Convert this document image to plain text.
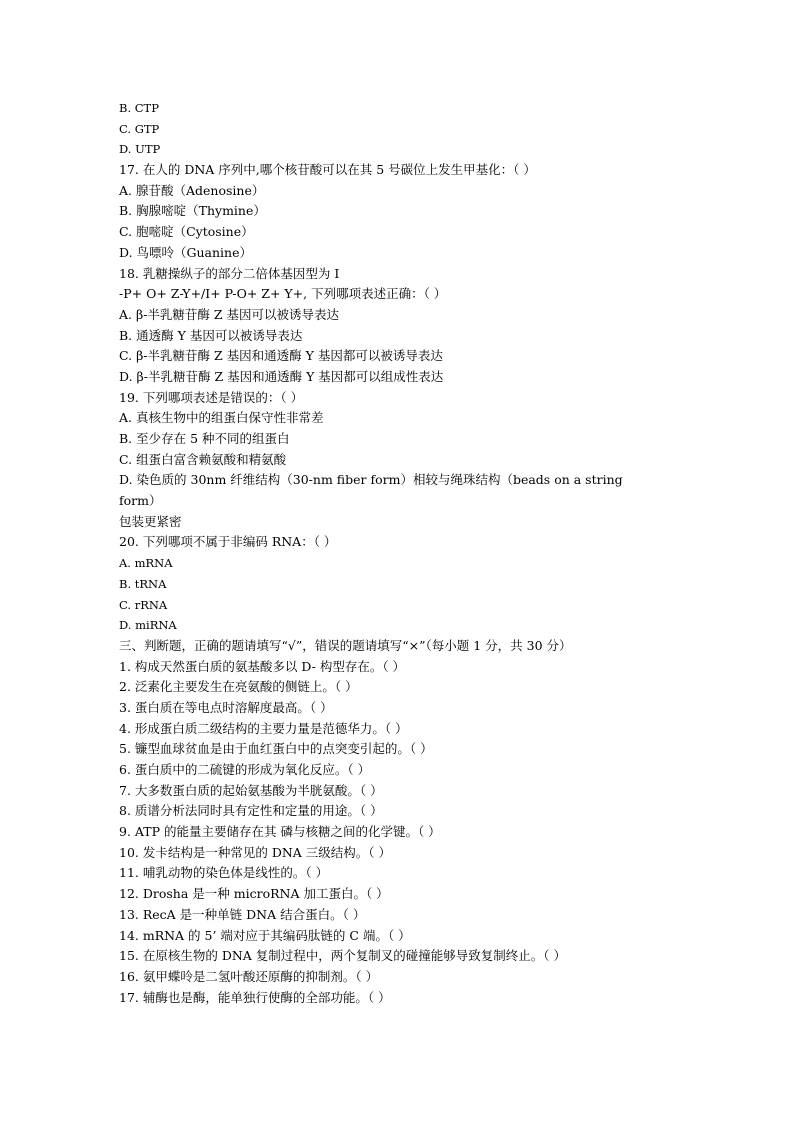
B. CTP
C. GTP
D. UTP
17. 在人的 DNA 序列中,哪个核苷酸可以在其 5 号碳位上发生甲基化：（ ）
A. 腺苷酸（Adenosine）
B. 胸腺嘧啶（Thymine）
C. 胞嘧啶（Cytosine）
D. 鸟嘌呤（Guanine）
18. 乳糖操纵子的部分二倍体基因型为 I
-P+ O+ Z-Y+/I+ P-O+ Z+ Y+, 下列哪项表述正确：（ ）
A. β-半乳糖苷酶 Z 基因可以被诱导表达
B. 通透酶 Y 基因可以被诱导表达
C. β-半乳糖苷酶 Z 基因和通透酶 Y 基因都可以被诱导表达
D. β-半乳糖苷酶 Z 基因和通透酶 Y 基因都可以组成性表达
19. 下列哪项表述是错误的：（ ）
A. 真核生物中的组蛋白保守性非常差
B. 至少存在 5 种不同的组蛋白
C. 组蛋白富含赖氨酸和精氨酸
D. 染色质的 30nm 纤维结构（30-nm fiber form）相较与绳珠结构（beads on a string
form）
包装更紧密
20. 下列哪项不属于非编码 RNA：（ ）
A. mRNA
B. tRNA
C. rRNA
D. miRNA
三、判断题，正确的题请填写“√”，错误的题请填写“×”（每小题 1 分，共 30 分）
1. 构成天然蛋白质的氨基酸多以 D- 构型存在。（ ）
2. 泛素化主要发生在亮氨酸的侧链上。（ ）
3. 蛋白质在等电点时溶解度最高。（ ）
4. 形成蛋白质二级结构的主要力量是范德华力。（ ）
5. 镰型血球贫血是由于血红蛋白中的点突变引起的。（ ）
6. 蛋白质中的二硫键的形成为氧化反应。（ ）
7. 大多数蛋白质的起始氨基酸为半胱氨酸。（ ）
8. 质谱分析法同时具有定性和定量的用途。（ ）
9. ATP 的能量主要储存在其 磷与核糖之间的化学键。（ ）
10. 发卡结构是一种常见的 DNA 三级结构。（ ）
11. 哺乳动物的染色体是线性的。（ ）
12. Drosha 是一种 microRNA 加工蛋白。（ ）
13. RecA 是一种单链 DNA 结合蛋白。（ ）
14. mRNA 的 5’ 端对应于其编码肽链的 C 端。（ ）
15. 在原核生物的 DNA 复制过程中，两个复制叉的碰撞能够导致复制终止。（ ）
16. 氨甲蝶呤是二氢叶酸还原酶的抑制剂。（ ）
17. 辅酶也是酶，能单独行使酶的全部功能。（ ）
